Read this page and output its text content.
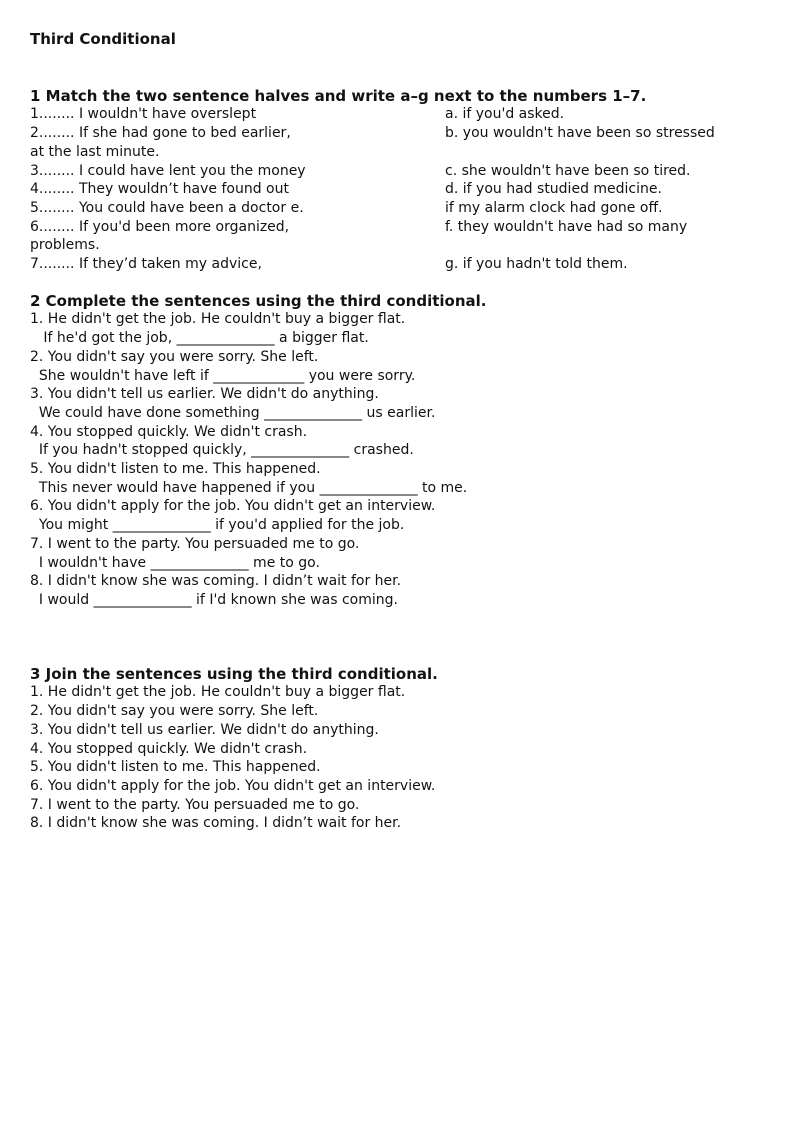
Third Conditional
1 Match the two sentence halves and write a–g next to the numbers 1–7.
1........ I wouldn't have overslept	a. if you'd asked.
2........ If she had gone to bed earlier,	b. you wouldn't have been so stressed
at the last minute.
3........ I could have lent you the money	c. she wouldn't have been so tired.
4........ They wouldn’t have found out	d. if you had studied medicine.
5........ You could have been a doctor e.	if my alarm clock had gone off.
6........ If you'd been more organized,	f. they wouldn't have had so many
problems.
7........ If they’d taken my advice,	g. if you hadn't told them.
2 Complete the sentences using the third conditional.
1. He didn't get the job. He couldn't buy a bigger flat.
If he'd got the job, ______________ a bigger flat.
2. You didn't say you were sorry. She left.
She wouldn't have left if _____________ you were sorry.
3. You didn't tell us earlier. We didn't do anything.
We could have done something ______________ us earlier.
4. You stopped quickly. We didn't crash.
If you hadn't stopped quickly, ______________ crashed.
5. You didn't listen to me. This happened.
This never would have happened if you ______________ to me.
6. You didn't apply for the job. You didn't get an interview.
You might ______________ if you'd applied for the job.
7. I went to the party. You persuaded me to go.
I wouldn't have ______________ me to go.
8. I didn't know she was coming. I didn’t wait for her.
I would ______________ if I'd known she was coming.
3 Join the sentences using the third conditional.
1. He didn't get the job. He couldn't buy a bigger flat.
2. You didn't say you were sorry. She left.
3. You didn't tell us earlier. We didn't do anything.
4. You stopped quickly. We didn't crash.
5. You didn't listen to me. This happened.
6. You didn't apply for the job. You didn't get an interview.
7. I went to the party. You persuaded me to go.
8. I didn't know she was coming. I didn’t wait for her.
